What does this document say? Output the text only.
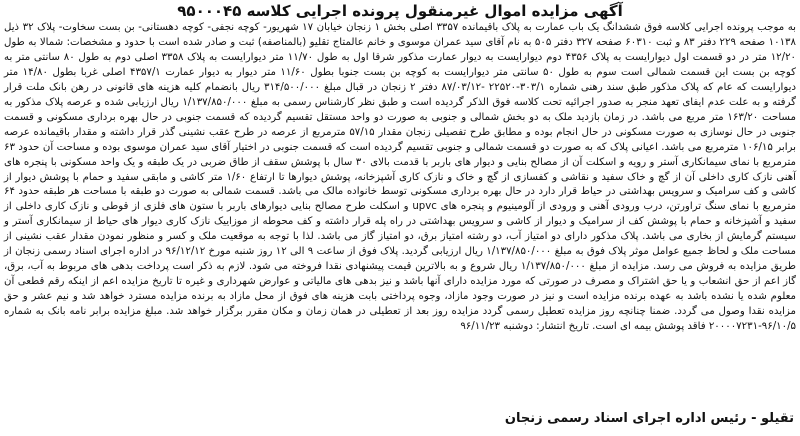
آگهی مزایده اموال غیرمنقول پرونده اجرایی کلاسه ۹۵۰۰۰۴۵

به موجب پرونده اجرایی کلاسه فوق ششدانگ یک باب عمارت به پلاک باقیمانده ۳۳۵۷ اصلی بخش ۱ زنجان خیابان ۱۷ شهریور- کوچه نجفی- کوچه دهستانی- بن بست سخاوت- پلاک ۳۲ ذیل ۱۰۱۳۸ صفحه ۲۲۹ دفتر ۸۳ و ثبت ۶۰۳۱۰ صفحه ۳۲۷ دفتر ۵۰۵ به نام آقای سید عمران موسوی و خانم عالمتاج تقلیو (بالمناصفه) ثبت و صادر شده است با حدود و مشخصات: شمالا به طول ۱۲/۲۰ متر در دو قسمت اول دیوارایست به پلاک ۴۳۵۶ دوم دیوارایست به دیوار عمارت مذکور شرقا اول به طول ۱۱/۷۰ متر دیوارایست به پلاک ۳۳۵۸ اصلی دوم به طول ۸۰ سانتی متر به کوچه بن بست این قسمت شمالی است سوم به طول ۵۰ سانتی متر دیوارایست به کوچه بن بست جنوبا بطول ۱۱/۶۰ متر دیوار به دیوار عمارت ۴۳۵۷/۱ اصلی غربا بطول ۱۴/۸۰ متر دیوارایست که عام که پلاک مذکور طبق سند رهنی شماره ۳۰۳/۱-۲۲۵۲۰ -۸۷/۰۳/۱۲ دفتر ۲ زنجان در قبال مبلغ ۳۱۴/۵۰۰/۰۰۰ ریال بانضمام کلیه هزینه های قانونی در رهن بانک ملت قرار گرفته و به علت عدم ایفای تعهد منجر به صدور اجرائیه تحت کلاسه فوق الذکر گردیده است و طبق نظر کارشناس رسمی به مبلغ ۱/۱۳۷/۸۵۰/۰۰۰ ریال ارزیابی شده و عرصه پلاک مذکور به مساحت ۱۶۳/۲۰ متر مربع می باشد. در زمان بازدید ملک به دو بخش شمالی و جنوبی به صورت دو واحد مستقل تقسیم گردیده که قسمت جنوبی در حال بهره برداری مسکونی و قسمت جنوبی در حال نوسازی به صورت مسکونی در حال انجام بوده و مطابق طرح تفصیلی زنجان مقدار ۵۷/۱۵ مترمربع از عرصه در طرح عقب نشینی گذر قرار داشته و مقدار باقیمانده عرصه برابر ۱۰۶/۱۵ مترمربع می باشد. اعیانی پلاک که به صورت دو قسمت شمالی و جنوبی تقسیم گردیده است که قسمت جنوبی در اختیار آقای سید عمران موسوی بوده و مساحت آن حدود ۶۳ مترمربع با نمای سیمانکاری آستر و رویه و اسکلت آن از مصالح بنایی و دیوار های باربر با قدمت بالای ۳۰ سال با پوشش سقف از طاق ضربی در یک طبقه و یک واحد مسکونی با پنجره های آهنی نازک کاری داخلی آن از گچ و خاک سفید و نقاشی و کفسازی از گچ و خاک و نازک کاری آشپزخانه، پوشش دیوارها تا ارتفاع ۱/۶۰ متر کاشی و مابقی سفید و حمام با پوشش دیوار از کاشی و کف سرامیک و سرویس بهداشتی در حیاط قرار دارد در حال بهره برداری مسکونی توسط خانواده مالک می باشد. قسمت شمالی به صورت دو طبقه با مساحت هر طبقه حدود ۶۴ مترمربع با نمای سنگ تراورتن، درب ورودی آهنی و ورودی از آلومینیوم و پنجره های upvc و اسکلت طرح مصالح بنایی دیوارهای باربر با ستون های فلزی از قوطی و نازک کاری داخلی از سفید و آشپزخانه و حمام با پوشش کف از سرامیک و دیوار از کاشی و سرویس بهداشتی در راه پله قرار داشته و کف محوطه از موزاییک نازک کاری دیوار های حیاط از سیمانکاری آستر و سیستم گرمایش از بخاری می باشد. پلاک مذکور دارای دو امتیاز آب، دو رشته امتیاز برق، دو امتیاز گاز می باشد. لذا با توجه به موقعیت ملک و کسر و منظور نمودن مقدار عقب نشینی از مساحت ملک و لحاظ جمیع عوامل موثر پلاک فوق به مبلغ ۱/۱۳۷/۸۵۰/۰۰۰ ریال ارزیابی گردید. پلاک فوق از ساعت ۹ الی ۱۲ روز شنبه مورخ ۹۶/۱۲/۱۲ در اداره اجرای اسناد رسمی زنجان از طریق مزایده به فروش می رسد. مزایده از مبلغ ۱/۱۳۷/۸۵۰/۰۰۰ ریال شروع و به بالاترین قیمت پیشنهادی نقدا فروخته می شود. لازم به ذکر است پرداخت بدهی های مربوط به آب، برق، گاز اعم از حق انشعاب و یا حق اشتراک و مصرف در صورتی که مورد مزایده دارای آنها باشد و نیز بدهی های مالیاتی و عوارض شهرداری و غیره تا تاریخ مزایده اعم از اینکه رقم قطعی آن معلوم شده یا نشده باشد به عهده برنده مزایده است و نیز در صورت وجود مازاد، وجوه پرداختی بابت هزینه های فوق از محل مازاد به برنده مزایده مسترد خواهد شد و نیم عشر و حق مزایده نقدا وصول می گردد. ضمنا چنانچه روز مزایده تعطیل رسمی گردد مزایده روز بعد از تعطیلی در همان زمان و مکان مقرر برگزار خواهد شد. مبلغ مزایده برابر نامه بانک به شماره ۹۶/۱۰/۵-۲۰۰۰۰۷۲۳۱ فاقد پوشش بیمه ای است. تاریخ انتشار: دوشنبه ۹۶/۱۱/۲۳

تقیلو - رئیس اداره اجرای اسناد رسمی زنجان
